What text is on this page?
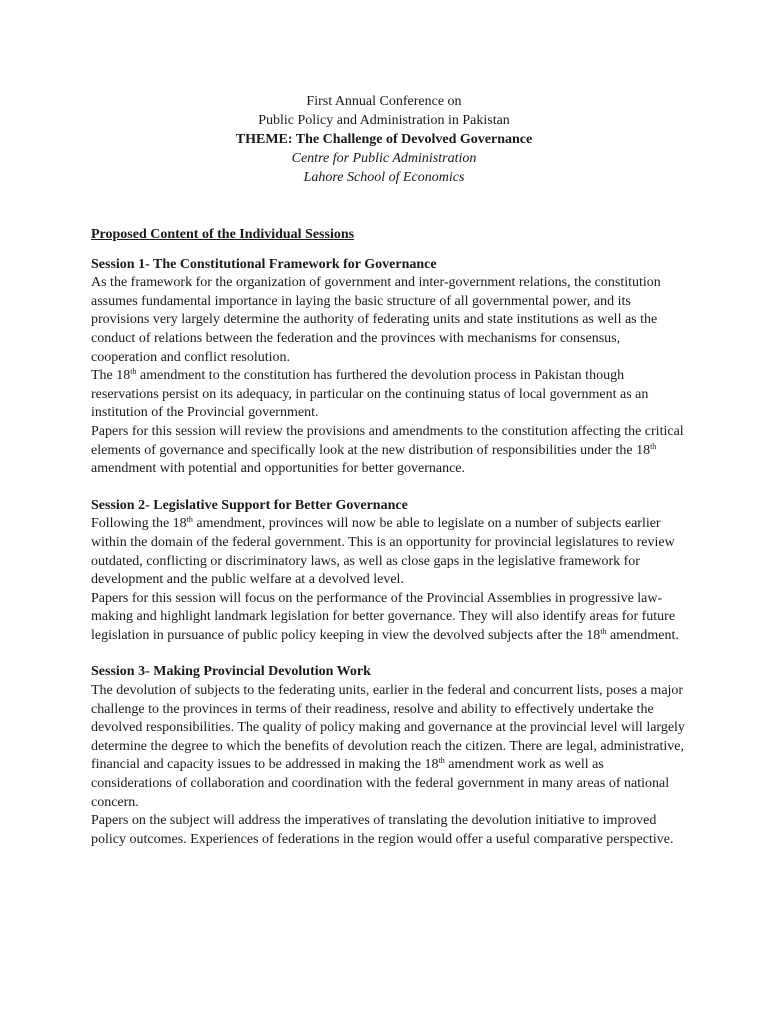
First Annual Conference on
Public Policy and Administration in Pakistan
THEME: The Challenge of Devolved Governance
Centre for Public Administration
Lahore School of Economics

Proposed Content of the Individual Sessions

Session 1- The Constitutional Framework for Governance

As the framework for the organization of government and inter-government relations, the constitution
assumes fundamental importance in laying the basic structure of all governmental power, and its
provisions very largely determine the authority of federating units and state institutions as well as the
conduct of relations between the federation and the provinces with mechanisms for consensus,
cooperation and conflict resolution.
The 18th amendment to the constitution has furthered the devolution process in Pakistan though
reservations persist on its adequacy, in particular on the continuing status of local government as an
institution of the Provincial government.
Papers for this session will review the provisions and amendments to the constitution affecting the critical
elements of governance and specifically look at the new distribution of responsibilities under the 18th
amendment with potential and opportunities for better governance.

Session 2- Legislative Support for Better Governance

Following the 18th amendment, provinces will now be able to legislate on a number of subjects earlier
within the domain of the federal government. This is an opportunity for provincial legislatures to review
outdated, conflicting or discriminatory laws, as well as close gaps in the legislative framework for
development and the public welfare at a devolved level.
Papers for this session will focus on the performance of the Provincial Assemblies in progressive law-
making and highlight landmark legislation for better governance. They will also identify areas for future
legislation in pursuance of public policy keeping in view the devolved subjects after the 18th amendment.

Session 3- Making Provincial Devolution Work

The devolution of subjects to the federating units, earlier in the federal and concurrent lists, poses a major
challenge to the provinces in terms of their readiness, resolve and ability to effectively undertake the
devolved responsibilities. The quality of policy making and governance at the provincial level will largely
determine the degree to which the benefits of devolution reach the citizen. There are legal, administrative,
financial and capacity issues to be addressed in making the 18th amendment work as well as
considerations of collaboration and coordination with the federal government in many areas of national
concern.
Papers on the subject will address the imperatives of translating the devolution initiative to improved
policy outcomes. Experiences of federations in the region would offer a useful comparative perspective.
